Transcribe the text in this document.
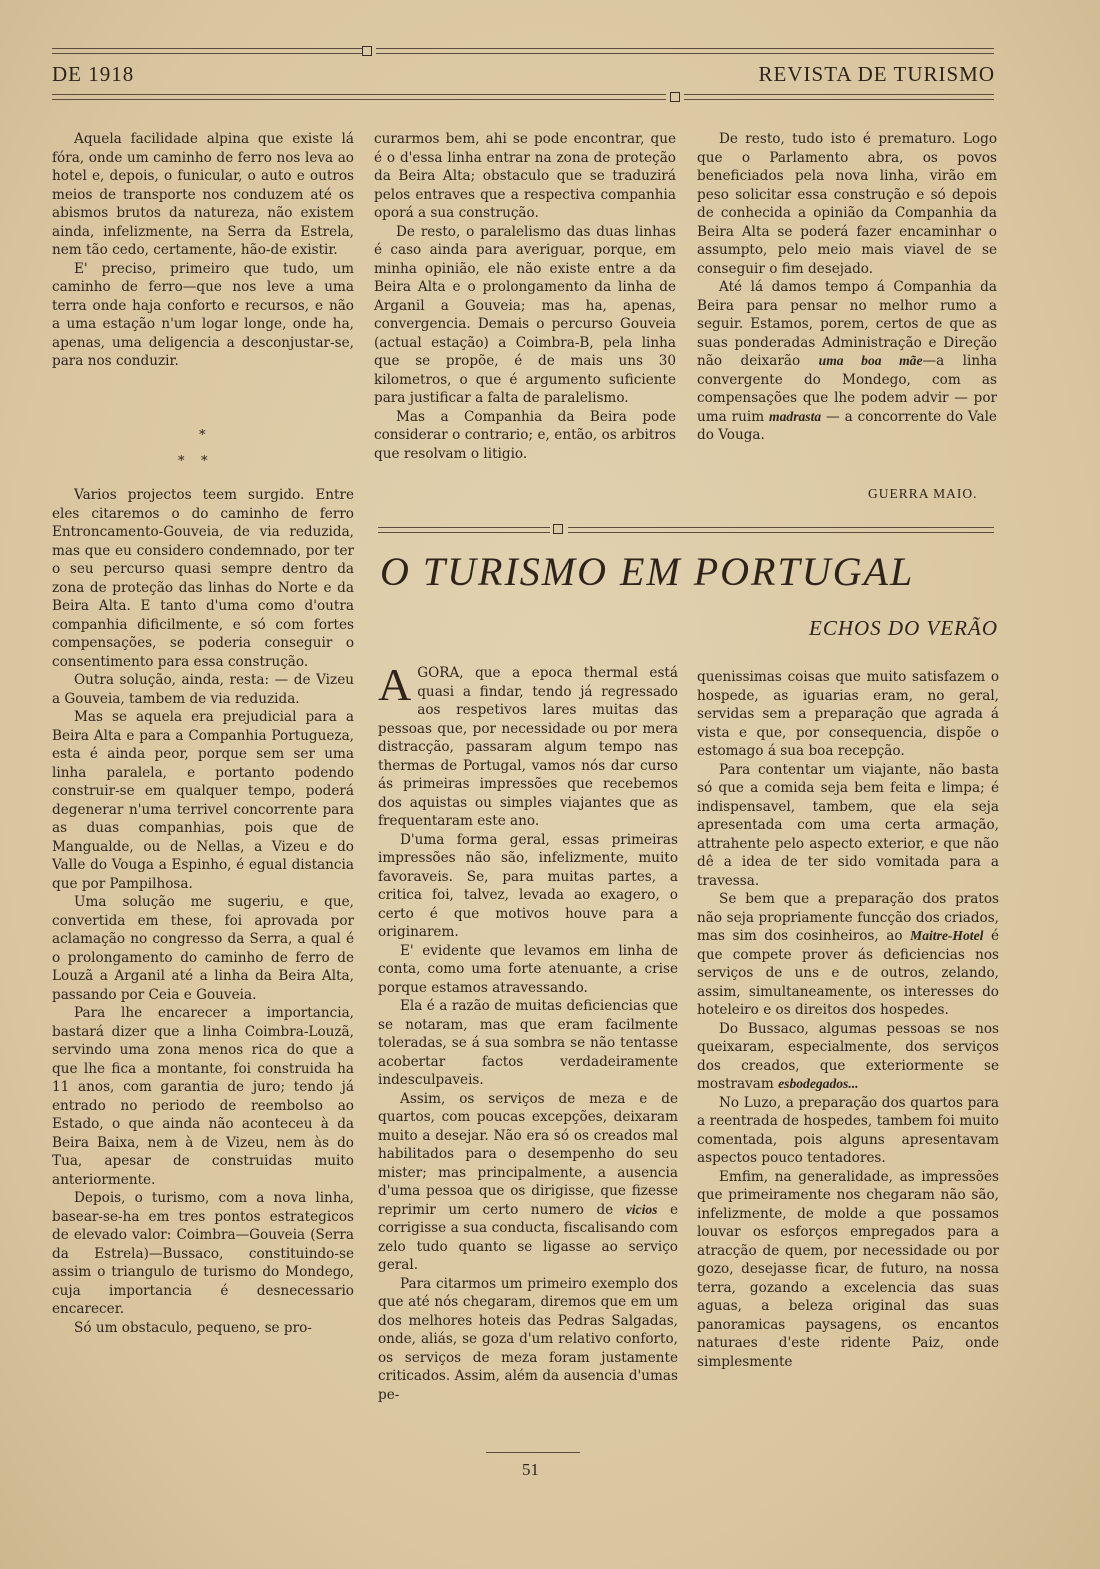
DE 1918	REVISTA DE TURISMO

Aquela facilidade alpina que existe lá fóra, onde um caminho de ferro nos leva ao hotel e, depois, o funicular, o auto e outros meios de transporte nos conduzem até os abismos brutos da natureza, não existem ainda, infelizmente, na Serra da Estrela, nem tão cedo, certamente, hão-de existir.

E' preciso, primeiro que tudo, um caminho de ferro—que nos leve a uma terra onde haja conforto e recursos, e não a uma estação n'um logar longe, onde ha, apenas, uma deligencia a desconjustar-se, para nos conduzir.

*
*    *

Varios projectos teem surgido. Entre eles citaremos o do caminho de ferro Entroncamento-Gouveia, de via reduzida, mas que eu considero condemnado, por ter o seu percurso quasi sempre dentro da zona de proteção das linhas do Norte e da Beira Alta. E tanto d'uma como d'outra companhia dificilmente, e só com fortes compensações, se poderia conseguir o consentimento para essa construção.

Outra solução, ainda, resta: — de Vizeu a Gouveia, tambem de via reduzida.

Mas se aquela era prejudicial para a Beira Alta e para a Companhia Portugueza, esta é ainda peor, porque sem ser uma linha paralela, e portanto podendo construir-se em qualquer tempo, poderá degenerar n'uma terrivel concorrente para as duas companhias, pois que de Mangualde, ou de Nellas, a Vizeu e do Valle do Vouga a Espinho, é egual distancia que por Pampilhosa.

Uma solução me sugeriu, e que, convertida em these, foi aprovada por aclamação no congresso da Serra, a qual é o prolongamento do caminho de ferro de Louzã a Arganil até a linha da Beira Alta, passando por Ceia e Gouveia.

Para lhe encarecer a importancia, bastará dizer que a linha Coimbra-Louzã, servindo uma zona menos rica do que a que lhe fica a montante, foi construida ha 11 anos, com garantia de juro; tendo já entrado no periodo de reembolso ao Estado, o que ainda não aconteceu à da Beira Baixa, nem à de Vizeu, nem às do Tua, apesar de construidas muito anteriormente.

Depois, o turismo, com a nova linha, basear-se-ha em tres pontos estrategicos de elevado valor: Coimbra—Gouveia (Serra da Estrela)—Bussaco, constituindo-se assim o triangulo de turismo do Mondego, cuja importancia é desnecessario encarecer.

Só um obstaculo, pequeno, se pro-

curarmos bem, ahi se pode encontrar, que é o d'essa linha entrar na zona de proteção da Beira Alta; obstaculo que se traduzirá pelos entraves que a respectiva companhia oporá a sua construção.

De resto, o paralelismo das duas linhas é caso ainda para averiguar, porque, em minha opinião, ele não existe entre a da Beira Alta e o prolongamento da linha de Arganil a Gouveia; mas ha, apenas, convergencia. Demais o percurso Gouveia (actual estação) a Coimbra-B, pela linha que se propõe, é de mais uns 30 kilometros, o que é argumento suficiente para justificar a falta de paralelismo.

Mas a Companhia da Beira pode considerar o contrario; e, então, os arbitros que resolvam o litigio.

De resto, tudo isto é prematuro. Logo que o Parlamento abra, os povos beneficiados pela nova linha, virão em peso solicitar essa construção e só depois de conhecida a opinião da Companhia da Beira Alta se poderá fazer encaminhar o assumpto, pelo meio mais viavel de se conseguir o fim desejado.

Até lá damos tempo á Companhia da Beira para pensar no melhor rumo a seguir. Estamos, porem, certos de que as suas ponderadas Administração e Direção não deixarão uma boa mãe—a linha convergente do Mondego, com as compensações que lhe podem advir — por uma ruim madrasta — a concorrente do Vale do Vouga.

GUERRA MAIO.
O TURISMO EM PORTUGAL
ECHOS DO VERÃO

AGORA, que a epoca thermal está quasi a findar, tendo já regressado aos respetivos lares muitas das pessoas que, por necessidade ou por mera distracção, passaram algum tempo nas thermas de Portugal, vamos nós dar curso ás primeiras impressões que recebemos dos aquistas ou simples viajantes que as frequentaram este ano.

D'uma forma geral, essas primeiras impressões não são, infelizmente, muito favoraveis. Se, para muitas partes, a critica foi, talvez, levada ao exagero, o certo é que motivos houve para a originarem.

E' evidente que levamos em linha de conta, como uma forte atenuante, a crise porque estamos atravessando.

Ela é a razão de muitas deficiencias que se notaram, mas que eram facilmente toleradas, se á sua sombra se não tentasse acobertar factos verdadeiramente indesculpaveis.

Assim, os serviços de meza e de quartos, com poucas excepções, deixaram muito a desejar. Não era só os creados mal habilitados para o desempenho do seu mister; mas principalmente, a ausencia d'uma pessoa que os dirigisse, que fizesse reprimir um certo numero de vicios e corrigisse a sua conducta, fiscalisando com zelo tudo quanto se ligasse ao serviço geral.

Para citarmos um primeiro exemplo dos que até nós chegaram, diremos que em um dos melhores hoteis das Pedras Salgadas, onde, aliás, se goza d'um relativo conforto, os serviços de meza foram justamente criticados. Assim, além da ausencia d'umas pe-

quenissimas coisas que muito satisfazem o hospede, as iguarias eram, no geral, servidas sem a preparação que agrada á vista e que, por consequencia, dispõe o estomago á sua boa recepção.

Para contentar um viajante, não basta só que a comida seja bem feita e limpa; é indispensavel, tambem, que ela seja apresentada com uma certa armação, attrahente pelo aspecto exterior, e que não dê a idea de ter sido vomitada para a travessa.

Se bem que a preparação dos pratos não seja propriamente funcção dos criados, mas sim dos cosinheiros, ao Maitre-Hotel é que compete prover ás deficiencias nos serviços de uns e de outros, zelando, assim, simultaneamente, os interesses do hoteleiro e os direitos dos hospedes.

Do Bussaco, algumas pessoas se nos queixaram, especialmente, dos serviços dos creados, que exteriormente se mostravam esbodegados...

No Luzo, a preparação dos quartos para a reentrada de hospedes, tambem foi muito comentada, pois alguns apresentavam aspectos pouco tentadores.

Emfim, na generalidade, as impressões que primeiramente nos chegaram não são, infelizmente, de molde a que possamos louvar os esforços empregados para a atracção de quem, por necessidade ou por gozo, desejasse ficar, de futuro, na nossa terra, gozando a excelencia das suas aguas, a beleza original das suas panoramicas paysagens, os encantos naturaes d'este ridente Paiz, onde simplesmente

51
